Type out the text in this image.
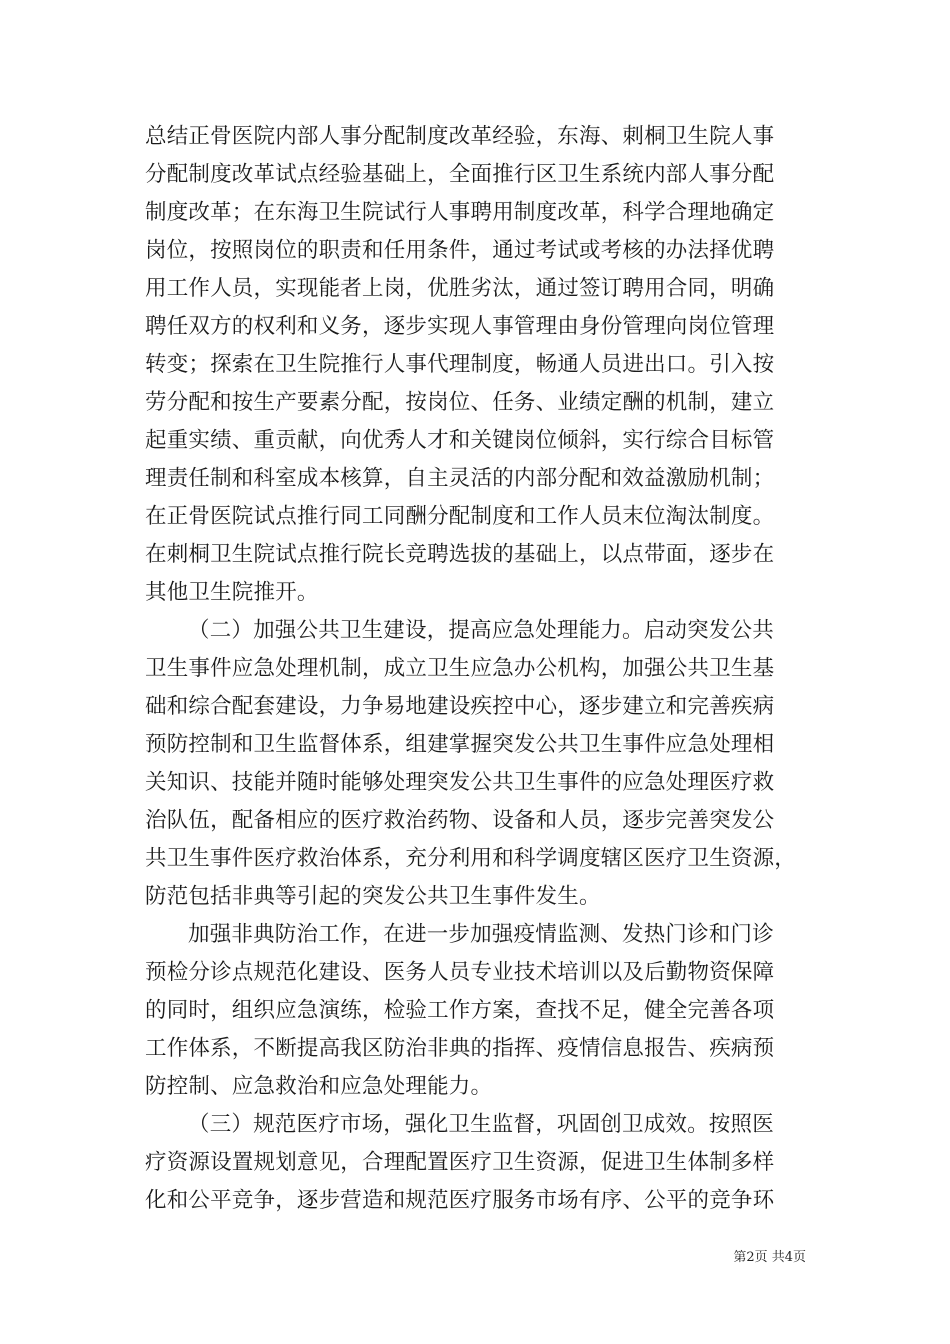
总结正骨医院内部人事分配制度改革经验，东海、刺桐卫生院人事
分配制度改革试点经验基础上，全面推行区卫生系统内部人事分配
制度改革；在东海卫生院试行人事聘用制度改革，科学合理地确定
岗位，按照岗位的职责和任用条件，通过考试或考核的办法择优聘
用工作人员，实现能者上岗，优胜劣汰，通过签订聘用合同，明确
聘任双方的权利和义务，逐步实现人事管理由身份管理向岗位管理
转变；探索在卫生院推行人事代理制度，畅通人员进出口。引入按
劳分配和按生产要素分配，按岗位、任务、业绩定酬的机制，建立
起重实绩、重贡献，向优秀人才和关键岗位倾斜，实行综合目标管
理责任制和科室成本核算，自主灵活的内部分配和效益激励机制；
在正骨医院试点推行同工同酬分配制度和工作人员末位淘汰制度。
在刺桐卫生院试点推行院长竞聘选拔的基础上，以点带面，逐步在
其他卫生院推开。
（二）加强公共卫生建设，提高应急处理能力。启动突发公共
卫生事件应急处理机制，成立卫生应急办公机构，加强公共卫生基
础和综合配套建设，力争易地建设疾控中心，逐步建立和完善疾病
预防控制和卫生监督体系，组建掌握突发公共卫生事件应急处理相
关知识、技能并随时能够处理突发公共卫生事件的应急处理医疗救
治队伍，配备相应的医疗救治药物、设备和人员，逐步完善突发公
共卫生事件医疗救治体系，充分利用和科学调度辖区医疗卫生资源，
防范包括非典等引起的突发公共卫生事件发生。
加强非典防治工作，在进一步加强疫情监测、发热门诊和门诊
预检分诊点规范化建设、医务人员专业技术培训以及后勤物资保障
的同时，组织应急演练，检验工作方案，查找不足，健全完善各项
工作体系，不断提高我区防治非典的指挥、疫情信息报告、疾病预
防控制、应急救治和应急处理能力。
（三）规范医疗市场，强化卫生监督，巩固创卫成效。按照医
疗资源设置规划意见，合理配置医疗卫生资源，促进卫生体制多样
化和公平竞争，逐步营造和规范医疗服务市场有序、公平的竞争环
第2页 共4页
